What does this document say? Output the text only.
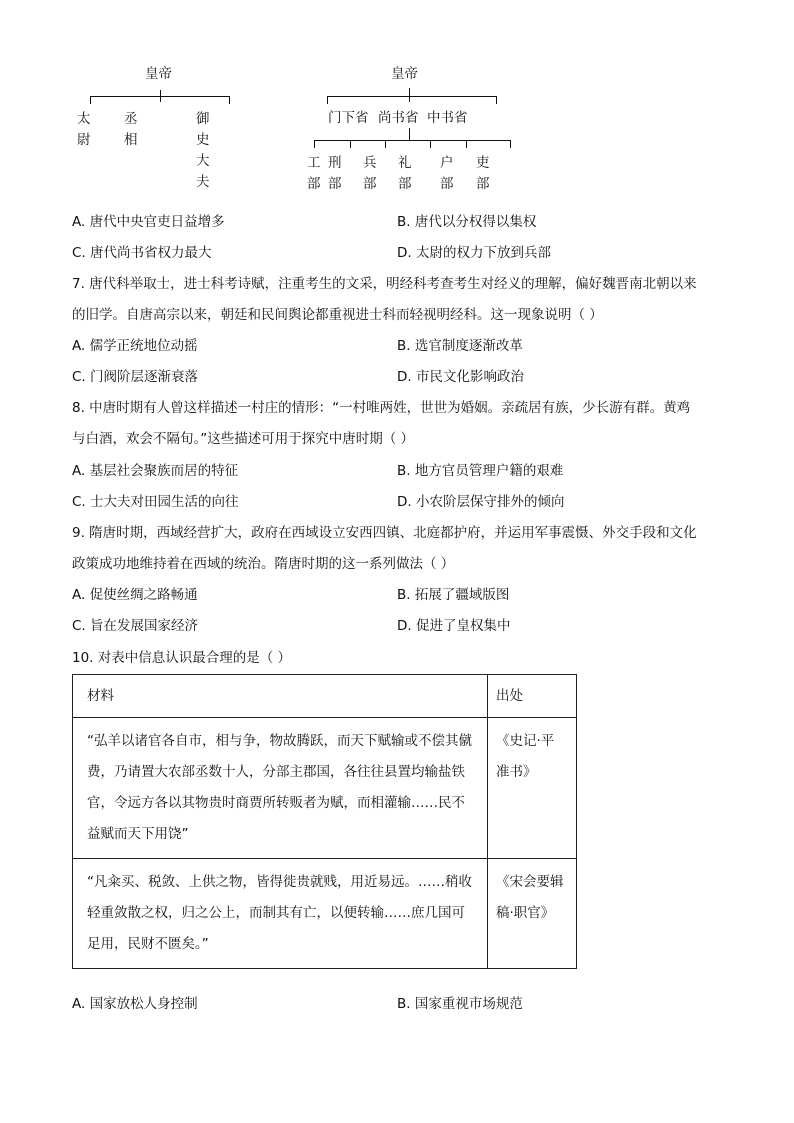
皇帝
太尉
丞相
御史大夫
皇帝
门下省 尚书省 中书省
工部
刑部
兵部
礼部
户部
吏部
A. 唐代中央官吏日益增多	B. 唐代以分权得以集权
C. 唐代尚书省权力最大	D. 太尉的权力下放到兵部
7. 唐代科举取士，进士科考诗赋，注重考生的文采，明经科考查考生对经义的理解，偏好魏晋南北朝以来
的旧学。自唐高宗以来，朝廷和民间舆论都重视进士科而轻视明经科。这一现象说明（ ）
A. 儒学正统地位动摇	B. 选官制度逐渐改革
C. 门阀阶层逐渐衰落	D. 市民文化影响政治
8. 中唐时期有人曾这样描述一村庄的情形：“一村唯两姓，世世为婚姻。亲疏居有族，少长游有群。黄鸡
与白酒，欢会不隔旬。”这些描述可用于探究中唐时期（ ）
A. 基层社会聚族而居的特征	B. 地方官员管理户籍的艰难
C. 士大夫对田园生活的向往	D. 小农阶层保守排外的倾向
9. 隋唐时期，西域经营扩大，政府在西域设立安西四镇、北庭都护府，并运用军事震慑、外交手段和文化
政策成功地维持着在西域的统治。隋唐时期的这一系列做法（ ）
A. 促使丝绸之路畅通	B. 拓展了疆域版图
C. 旨在发展国家经济	D. 促进了皇权集中
10. 对表中信息认识最合理的是（ ）
材料	出处
“弘羊以诸官各自市，相与争，物故腾跃，而天下赋输或不偿其僦费，乃请置大农部丞数十人，分部主郡国，各往往县置均输盐铁官，令远方各以其物贵时商贾所转贩者为赋，而相灌输……民不益赋而天下用饶”	《史记·平准书》
“凡籴买、税敛、上供之物，皆得徙贵就贱，用近易远。……稍收轻重敛散之权，归之公上，而制其有亡，以便转输……庶几国可足用，民财不匮矣。”	《宋会要辑稿·职官》
A. 国家放松人身控制	B. 国家重视市场规范
